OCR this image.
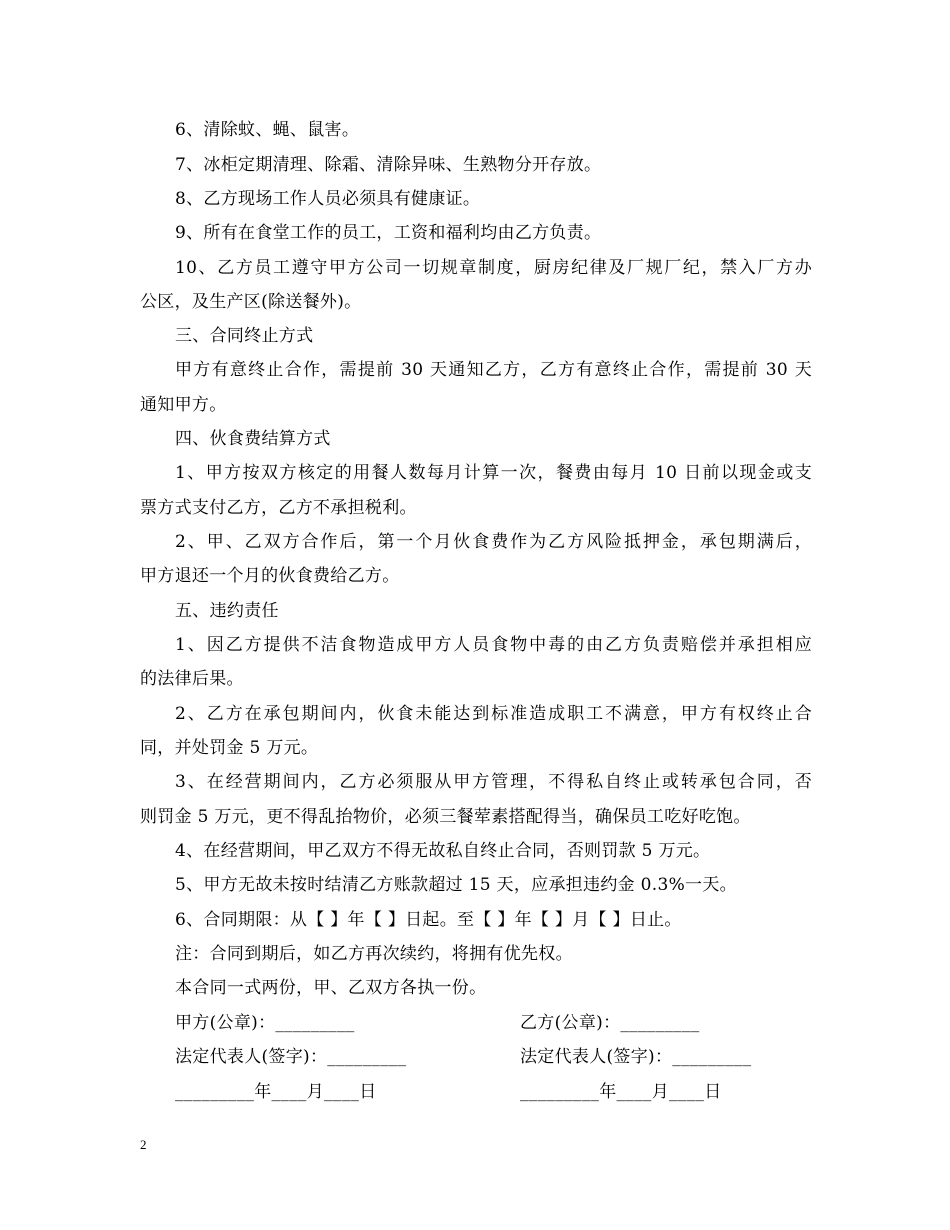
6、清除蚊、蝇、鼠害。
7、冰柜定期清理、除霜、清除异味、生熟物分开存放。
8、乙方现场工作人员必须具有健康证。
9、所有在食堂工作的员工，工资和福利均由乙方负责。
10、乙方员工遵守甲方公司一切规章制度，厨房纪律及厂规厂纪，禁入厂方办
公区，及生产区(除送餐外)。
三、合同终止方式
甲方有意终止合作，需提前 30 天通知乙方，乙方有意终止合作，需提前 30 天
通知甲方。
四、伙食费结算方式
1、甲方按双方核定的用餐人数每月计算一次，餐费由每月 10 日前以现金或支
票方式支付乙方，乙方不承担税利。
2、甲、乙双方合作后，第一个月伙食费作为乙方风险抵押金，承包期满后，
甲方退还一个月的伙食费给乙方。
五、违约责任
1、因乙方提供不洁食物造成甲方人员食物中毒的由乙方负责赔偿并承担相应
的法律后果。
2、乙方在承包期间内，伙食未能达到标准造成职工不满意，甲方有权终止合
同，并处罚金 5 万元。
3、在经营期间内，乙方必须服从甲方管理，不得私自终止或转承包合同，否
则罚金 5 万元，更不得乱抬物价，必须三餐荤素搭配得当，确保员工吃好吃饱。
4、在经营期间，甲乙双方不得无故私自终止合同，否则罚款 5 万元。
5、甲方无故未按时结清乙方账款超过 15 天，应承担违约金 0.3%一天。
6、合同期限：从【 】年【 】日起。至【 】年【 】月【 】日止。
注：合同到期后，如乙方再次续约，将拥有优先权。
本合同一式两份，甲、乙双方各执一份。
甲方(公章)：_________	乙方(公章)：_________
法定代表人(签字)：_________	法定代表人(签字)：_________
_________年____月____日	_________年____月____日
2
